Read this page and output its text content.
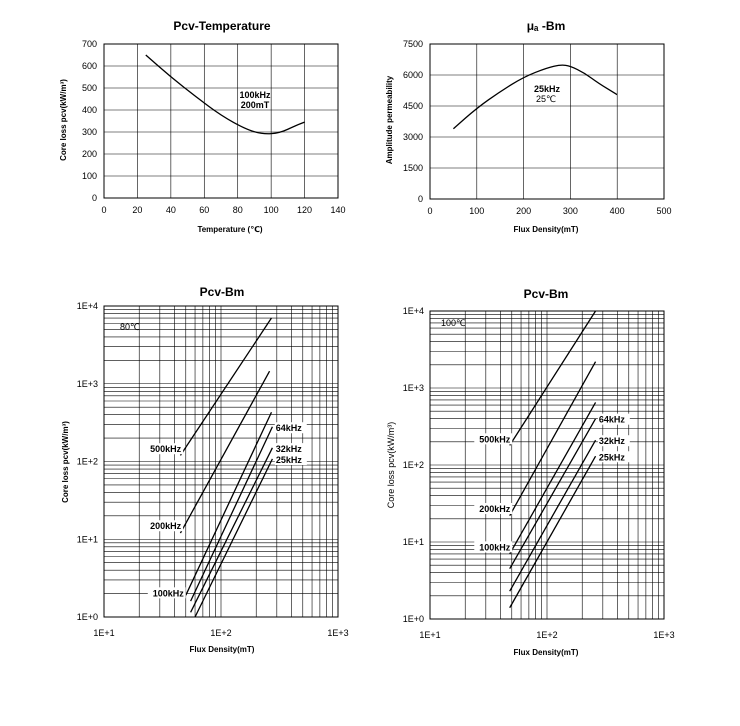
Pcv-Temperature
0	20	40	60	80 100 120 140
0
100
200
300
400
500
600
700
Temperature (℃)
Core loss pcv(kW/m³)	100kHz
200mT
μₐ -Bm
0	100	200	300	400	500
0
1500
3000
4500
6000
7500
Flux Density(mT)
Amplitude permeability	25kHz
25℃
Pcv-Bm
1E+1	1E+2	1E+3
1E+0
1E+1
1E+2
1E+3
1E+4
500kHz
200kHz
100kHz
64kHz
32kHz
25kHz
Flux Density(mT)
Core loss pcv(kW/m³)
80℃
Pcv-Bm
1E+1	1E+2	1E+3
1E+0
1E+1
1E+2
1E+3
1E+4
500kHz
200kHz
100kHz
64kHz
32kHz
25kHz
Flux Density(mT)
Core loss pcv(kW/m³)
100℃
